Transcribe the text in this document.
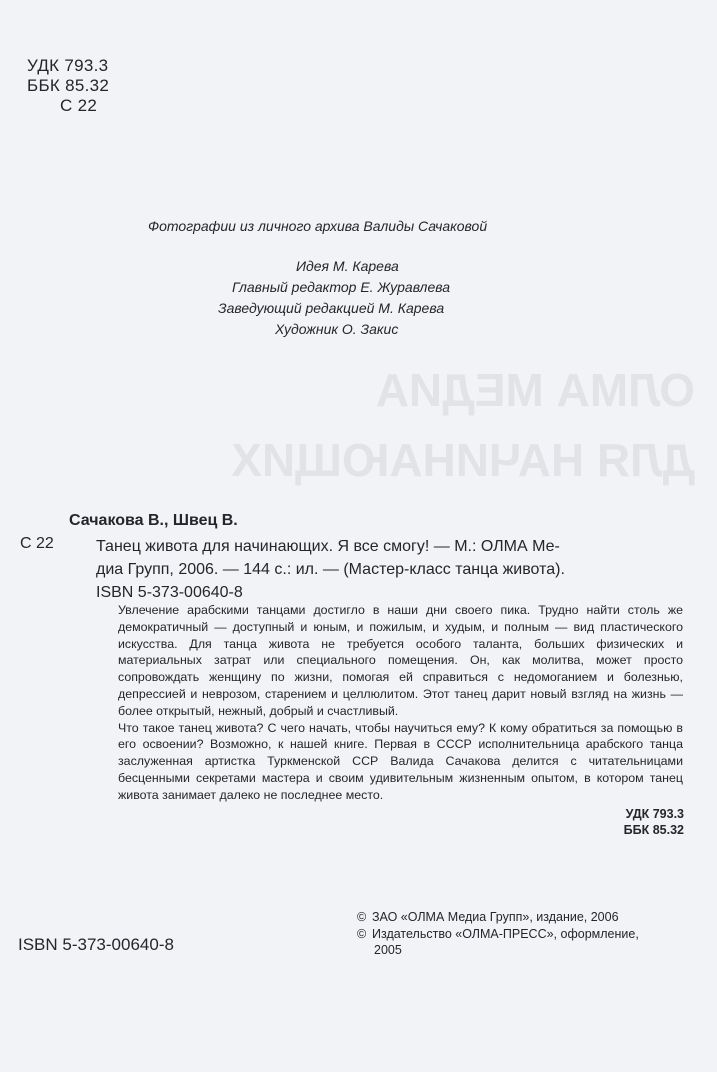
ОЛМА МЕДИА
ДЛЯ НАЧИНАЮЩИХ
УДК 793.3
ББК 85.32
С 22
Фотографии из личного архива Валиды Сачаковой
Идея М. Карева
Главный редактор Е. Журавлева
Заведующий редакцией М. Карева
Художник О. Закис
Сачакова В., Швец В.
С 22	Танец живота для начинающих. Я все смогу! — М.: ОЛМА Ме-
диа Групп, 2006. — 144 с.: ил. — (Мастер-класс танца живота).
ISBN 5-373-00640-8

Увлечение арабскими танцами достигло в наши дни своего пика. Трудно найти столь же демократичный — доступный и юным, и пожилым, и худым, и полным — вид пластического искусства. Для танца живота не требуется особого таланта, больших физических и материальных затрат или специального помещения. Он, как молитва, может просто сопровождать женщину по жизни, помогая ей справиться с недомоганием и болезнью, депрессией и неврозом, старением и целлюлитом. Этот танец дарит новый взгляд на жизнь — более открытый, нежный, добрый и счастливый.

Что такое танец живота? С чего начать, чтобы научиться ему? К кому обратиться за помощью в его освоении? Возможно, к нашей книге. Первая в СССР исполнительница арабского танца заслуженная артистка Туркменской ССР Валида Сачакова делится с читательницами бесценными секретами мастера и своим удивительным жизненным опытом, в котором танец живота занимает далеко не последнее место.

УДК 793.3
ББК 85.32
ISBN 5-373-00640-8
© ЗАО «ОЛМА Медиа Групп», издание, 2006
© Издательство «ОЛМА-ПРЕСС», оформление,
2005
